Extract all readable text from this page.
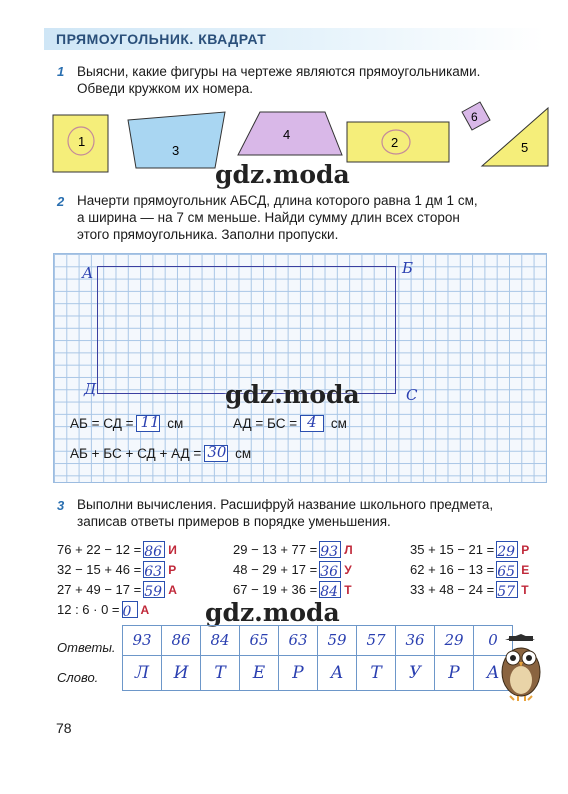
ПРЯМОУГОЛЬНИК. КВАДРАТ
1 Выясни, какие фигуры на чертеже являются прямоугольниками.
Обведи кружком их номера.
1
3
4
2
6
5
gdz.moda
2 Начерти прямоугольник АБСД, длина которого равна 1 дм 1 см,
а ширина — на 7 см меньше. Найди сумму длин всех сторон
этого прямоугольника. Заполни пропуски.
А	Б
С
Д	gdz.moda
АБ = СД = 11 см	АД = БС = 4 см
АБ + БС + СД + АД = 30 см
3 Выполни вычисления. Расшифруй название школьного предмета,
записав ответы примеров в порядке уменьшения.
76 + 22 − 12 = 86 И
32 − 15 + 46 = 63 Р
27 + 49 − 17 = 59 А
12 : 6 · 0 = 0 А
29 − 13 + 77 = 93 Л
48 − 29 + 17 = 36 У
67 − 19 + 36 = 84 Т
35 + 15 − 21 = 29 Р
62 + 16 − 13 = 65 Е
33 + 48 − 24 = 57 Т
gdz.moda
Ответы.
Слово.
93	86	84	65	63	59	57	36	29	0
Л	И	Т	Е	Р	А	Т	У	Р	А
78
